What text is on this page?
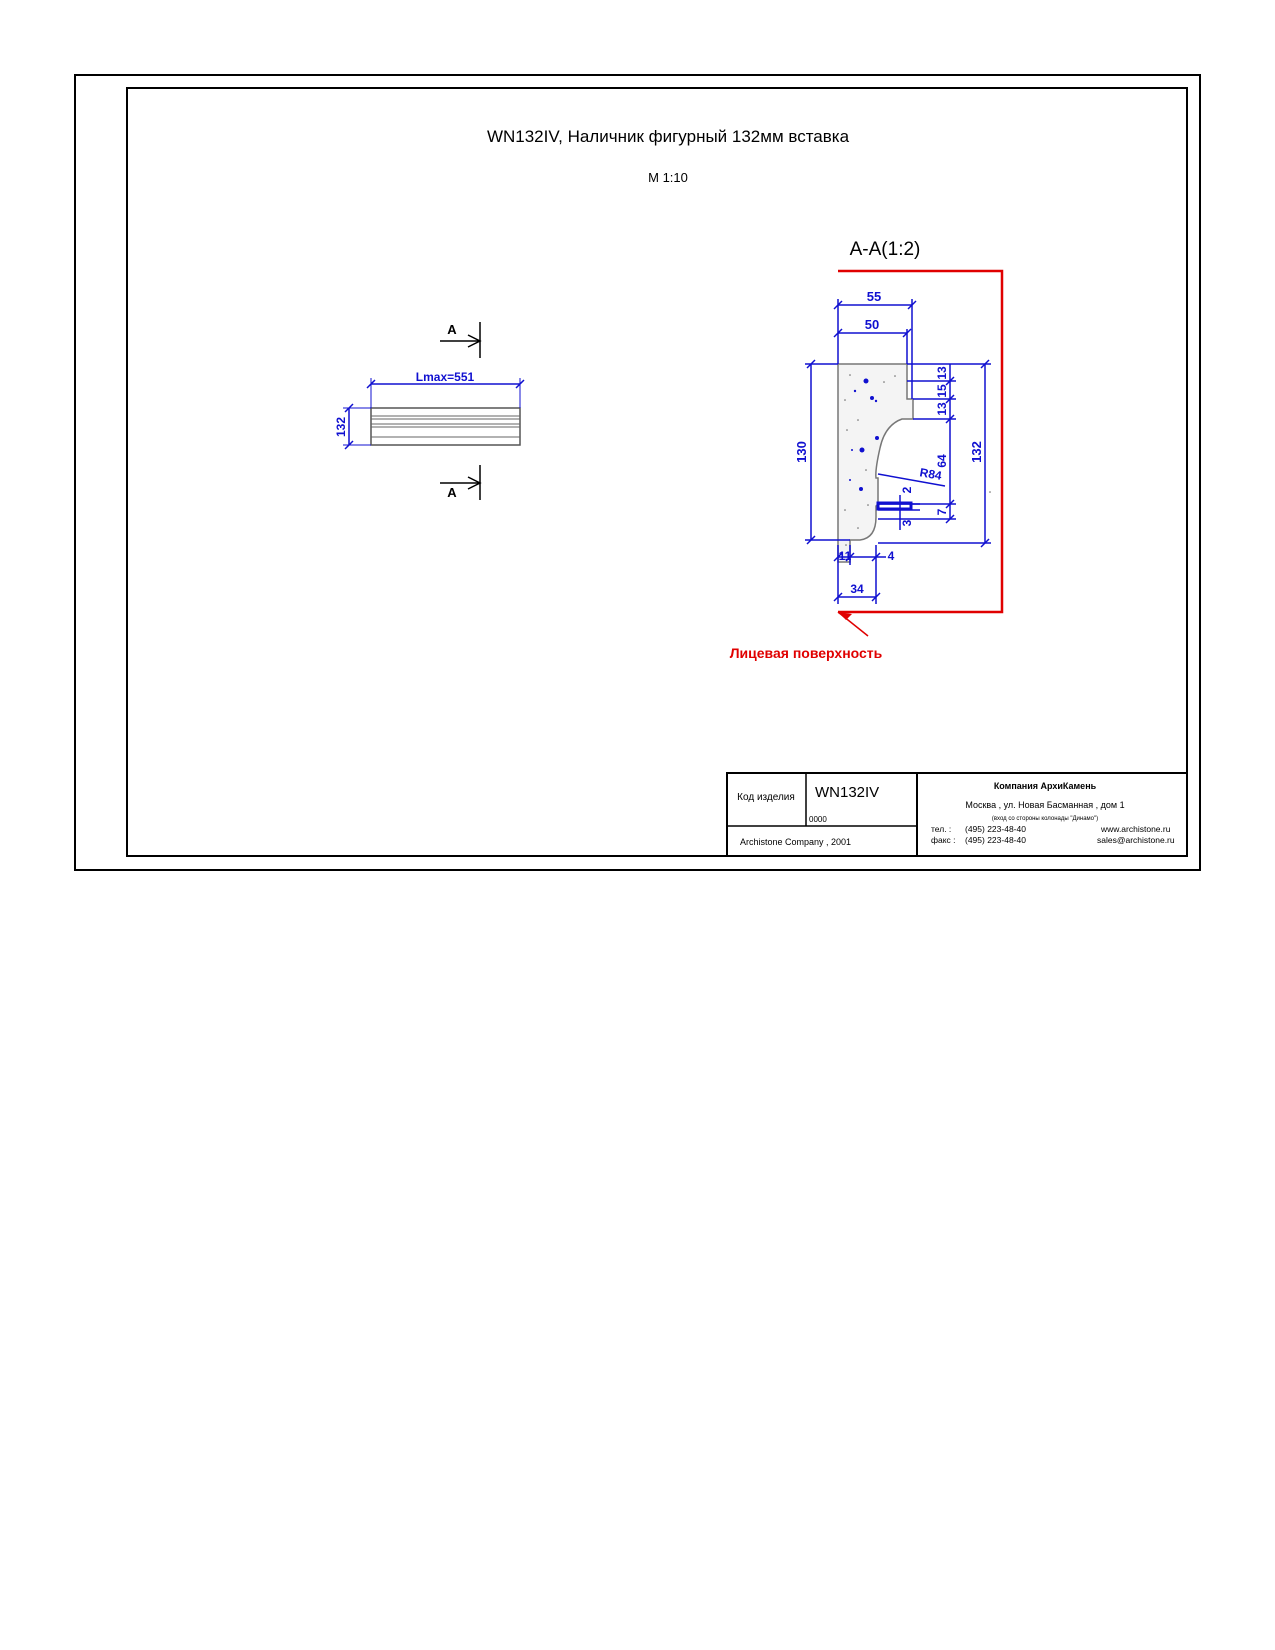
WN132IV, Наличник фигурный 132мм вставка
М 1:10
А-А(1:2)
А
А
Lmax=551
132
Лицевая поверхность
55
50
130	132
13
15
13
64
7
R84
2
3
11	4
34
Код изделия WN132IV
0000
Archistone Company , 2001
Компания АрхиКамень
Москва , ул. Новая Басманная , дом 1
(вход со стороны колонады "Динамо")
тел. : (495) 223-48-40
факс : (495) 223-48-40
www.archistone.ru
sales@archistone.ru
